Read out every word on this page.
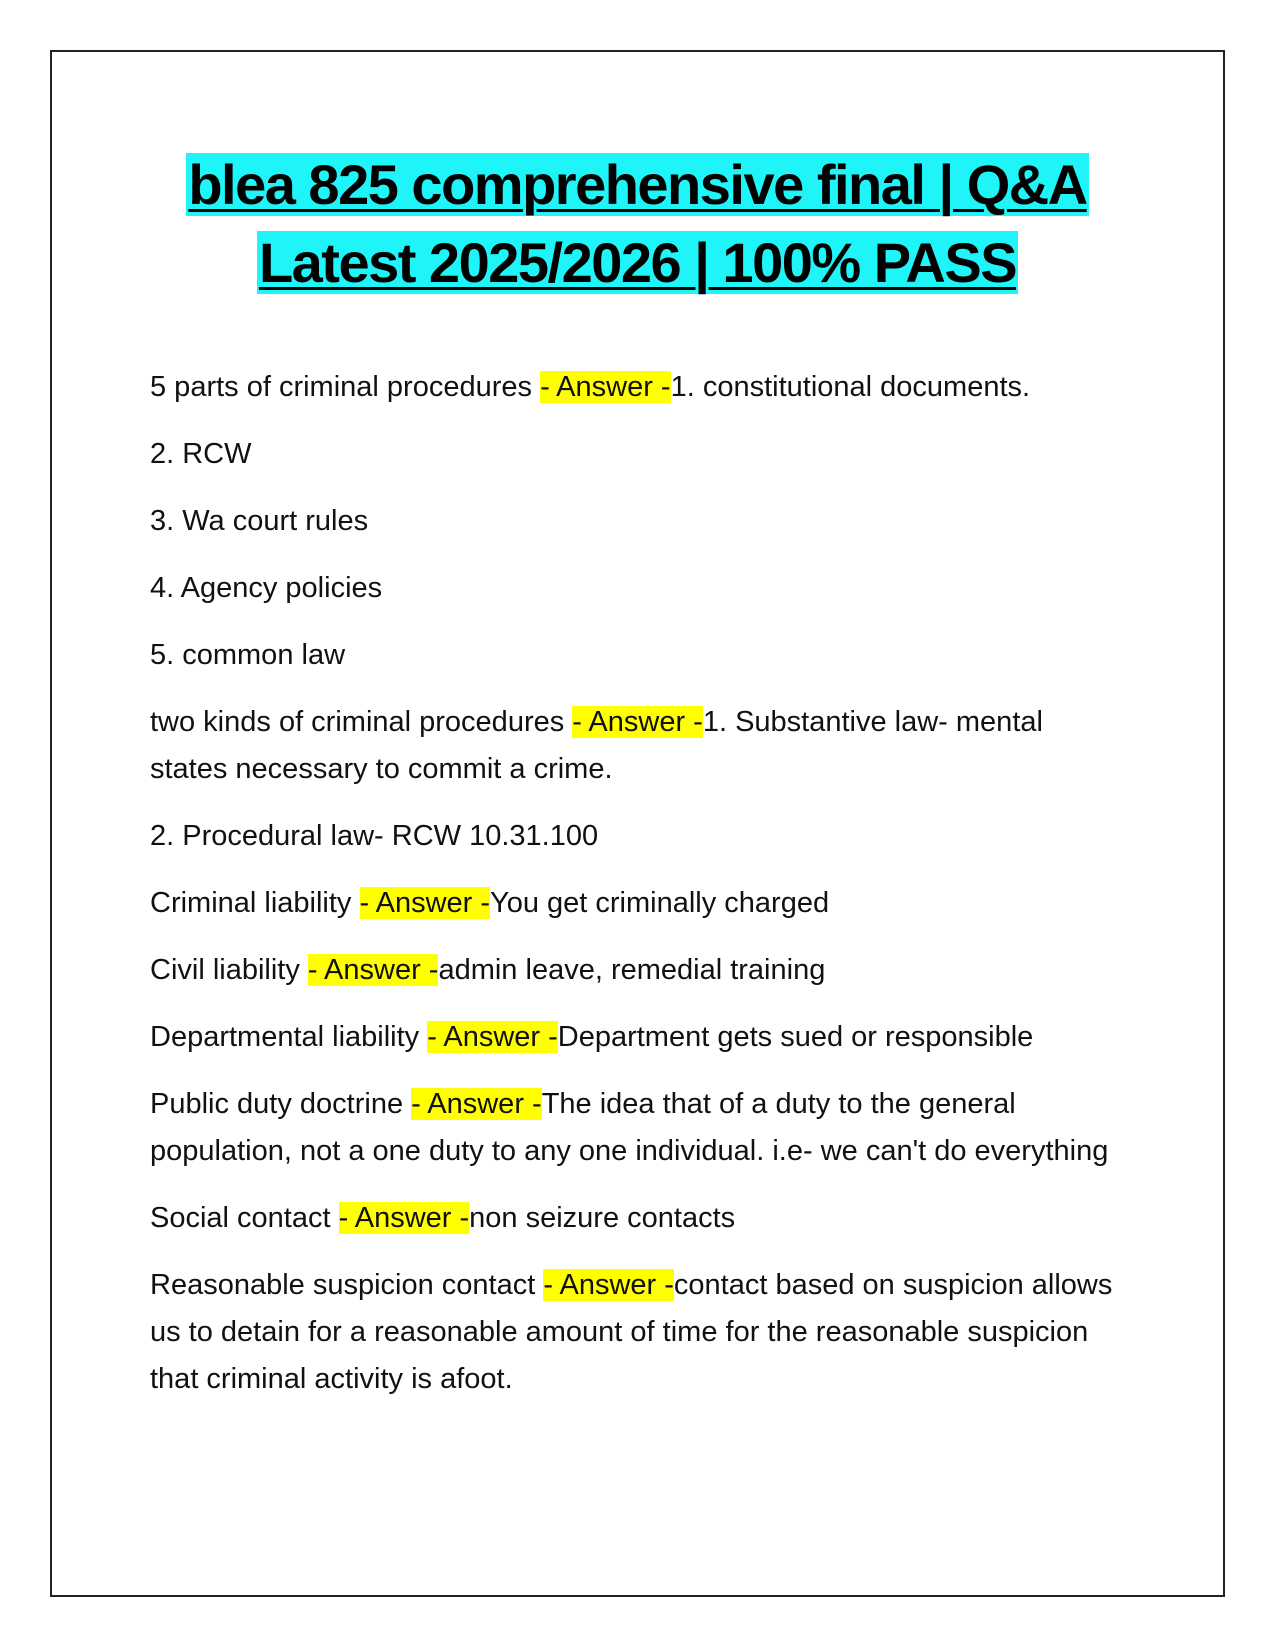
blea 825 comprehensive final | Q&A
Latest 2025/2026 | 100% PASS

5 parts of criminal procedures - Answer -1. constitutional documents.

2. RCW

3. Wa court rules

4. Agency policies

5. common law

two kinds of criminal procedures - Answer -1. Substantive law- mental states necessary to commit a crime.

2. Procedural law- RCW 10.31.100

Criminal liability - Answer -You get criminally charged

Civil liability - Answer -admin leave, remedial training

Departmental liability - Answer -Department gets sued or responsible

Public duty doctrine - Answer -The idea that of a duty to the general population, not a one duty to any one individual. i.e- we can't do everything

Social contact - Answer -non seizure contacts

Reasonable suspicion contact - Answer -contact based on suspicion allows us to detain for a reasonable amount of time for the reasonable suspicion that criminal activity is afoot.
